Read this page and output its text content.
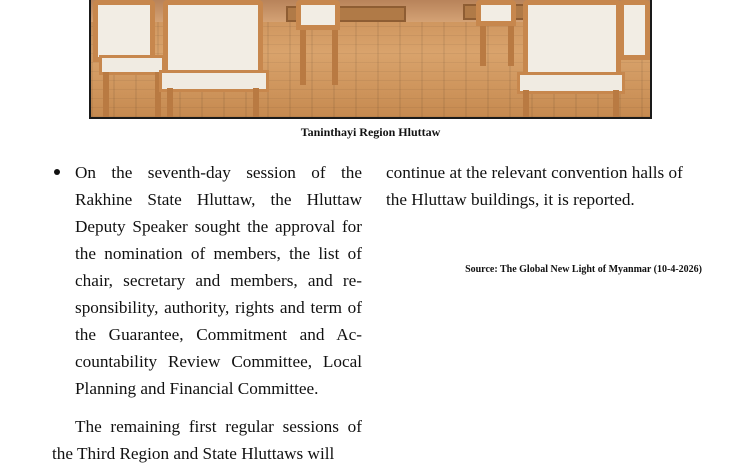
Taninthayi Region Hluttaw
On the seventh-day session of the Rakhine State Hluttaw, the Hluttaw Deputy Speaker sought the approval for the nomination of members, the list of chair, secretary and members, and responsibility, authority, rights and term of the Guarantee, Commitment and Accountability Review Committee, Local Planning and Financial Committee.
The remaining first regular sessions of the Third Region and State Hluttaws will
continue at the relevant convention halls of the Hluttaw buildings, it is reported.
Source: The Global New Light of Myanmar (10-4-2026)
